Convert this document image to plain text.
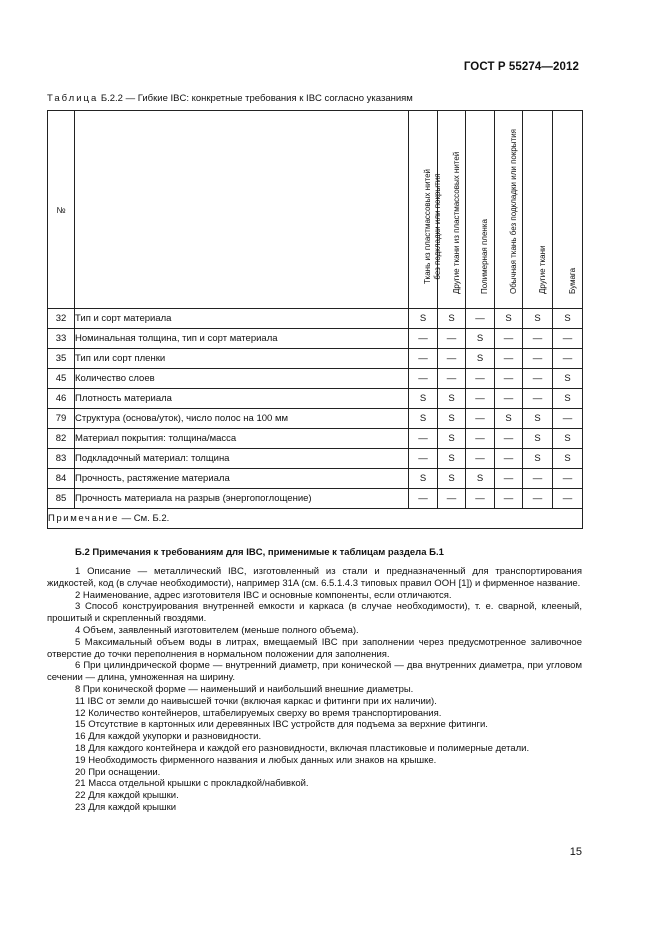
ГОСТ Р 55274—2012
Таблица Б.2.2 — Гибкие IBC: конкретные требования к IBC согласно указаниям
№		Ткань из пластмассовых нитей без подкладки или покрытия	Другие ткани из пластмассовых нитей	Полимерная пленка	Обычная ткань без подкладки или покрытия	Другие ткани	Бумага

32	Тип и сорт материала	S	S	—	S	S	S
33	Номинальная толщина, тип и сорт материала	—	—	S	—	—	—
35	Тип или сорт пленки	—	—	S	—	—	—
45	Количество слоев	—	—	—	—	—	S
46	Плотность материала	S	S	—	—	—	S
79	Структура (основа/уток), число полос на 100 мм	S	S	—	S	S	—
82	Материал покрытия: толщина/масса	—	S	—	—	S	S
83	Подкладочный материал: толщина	—	S	—	—	S	S
84	Прочность, растяжение материала	S	S	S	—	—	—
85	Прочность материала на разрыв (энергопоглощение)	—	—	—	—	—	—
Примечание — См. Б.2.							
Б.2 Примечания к требованиям для IBC, применимые к таблицам раздела Б.1

1 Описание — металлический IBC, изготовленный из стали и предназначенный для транспортирования жидкостей, код (в случае необходимости), например 31A (см. 6.5.1.4.3 типовых правил ООН [1]) и фирменное название.

2 Наименование, адрес изготовителя IBC и основные компоненты, если отличаются.

3 Способ конструирования внутренней емкости и каркаса (в случае необходимости), т. е. сварной, клееный, прошитый и скрепленный гвоздями.

4 Объем, заявленный изготовителем (меньше полного объема).

5 Максимальный объем воды в литрах, вмещаемый IBC при заполнении через предусмотренное заливочное отверстие до точки переполнения в нормальном положении для заполнения.

6 При цилиндрической форме — внутренний диаметр, при конической — два внутренних диаметра, при угловом сечении — длина, умноженная на ширину.

8 При конической форме — наименьший и наибольший внешние диаметры.

11 IBC от земли до наивысшей точки (включая каркас и фитинги при их наличии).

12 Количество контейнеров, штабелируемых сверху во время транспортирования.

15 Отсутствие в картонных или деревянных IBC устройств для подъема за верхние фитинги.

16 Для каждой укупорки и разновидности.

18 Для каждого контейнера и каждой его разновидности, включая пластиковые и полимерные детали.

19 Необходимость фирменного названия и любых данных или знаков на крышке.

20 При оснащении.

21 Масса отдельной крышки с прокладкой/набивкой.

22 Для каждой крышки.

23 Для каждой крышки

15
